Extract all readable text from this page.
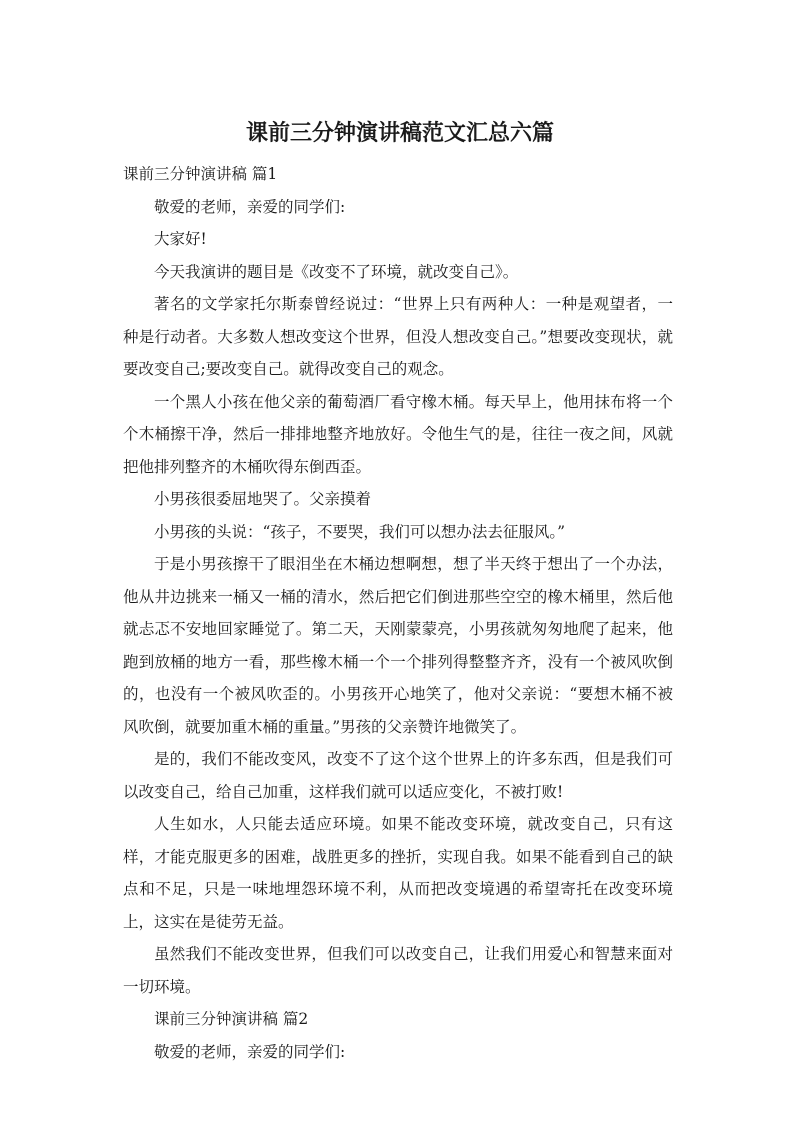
课前三分钟演讲稿范文汇总六篇

课前三分钟演讲稿 篇1

敬爱的老师，亲爱的同学们:

大家好!

今天我演讲的题目是《改变不了环境，就改变自己》。

著名的文学家托尔斯泰曾经说过：“世界上只有两种人：一种是观望者，一种是行动者。大多数人想改变这个世界，但没人想改变自己。”想要改变现状，就要改变自己;要改变自己。就得改变自己的观念。

一个黑人小孩在他父亲的葡萄酒厂看守橡木桶。每天早上，他用抹布将一个个木桶擦干净，然后一排排地整齐地放好。令他生气的是，往往一夜之间，风就把他排列整齐的木桶吹得东倒西歪。

小男孩很委屈地哭了。父亲摸着

小男孩的头说：“孩子，不要哭，我们可以想办法去征服风。”

于是小男孩擦干了眼泪坐在木桶边想啊想，想了半天终于想出了一个办法，他从井边挑来一桶又一桶的清水，然后把它们倒进那些空空的橡木桶里，然后他就忐忑不安地回家睡觉了。第二天，天刚蒙蒙亮，小男孩就匆匆地爬了起来，他跑到放桶的地方一看，那些橡木桶一个一个排列得整整齐齐，没有一个被风吹倒的，也没有一个被风吹歪的。小男孩开心地笑了，他对父亲说：“要想木桶不被风吹倒，就要加重木桶的重量。”男孩的父亲赞许地微笑了。

是的，我们不能改变风，改变不了这个这个世界上的许多东西，但是我们可以改变自己，给自己加重，这样我们就可以适应变化，不被打败!

人生如水，人只能去适应环境。如果不能改变环境，就改变自己，只有这样，才能克服更多的困难，战胜更多的挫折，实现自我。如果不能看到自己的缺点和不足，只是一味地埋怨环境不利，从而把改变境遇的希望寄托在改变环境上，这实在是徒劳无益。

虽然我们不能改变世界，但我们可以改变自己，让我们用爱心和智慧来面对一切环境。

课前三分钟演讲稿 篇2

敬爱的老师，亲爱的同学们:
